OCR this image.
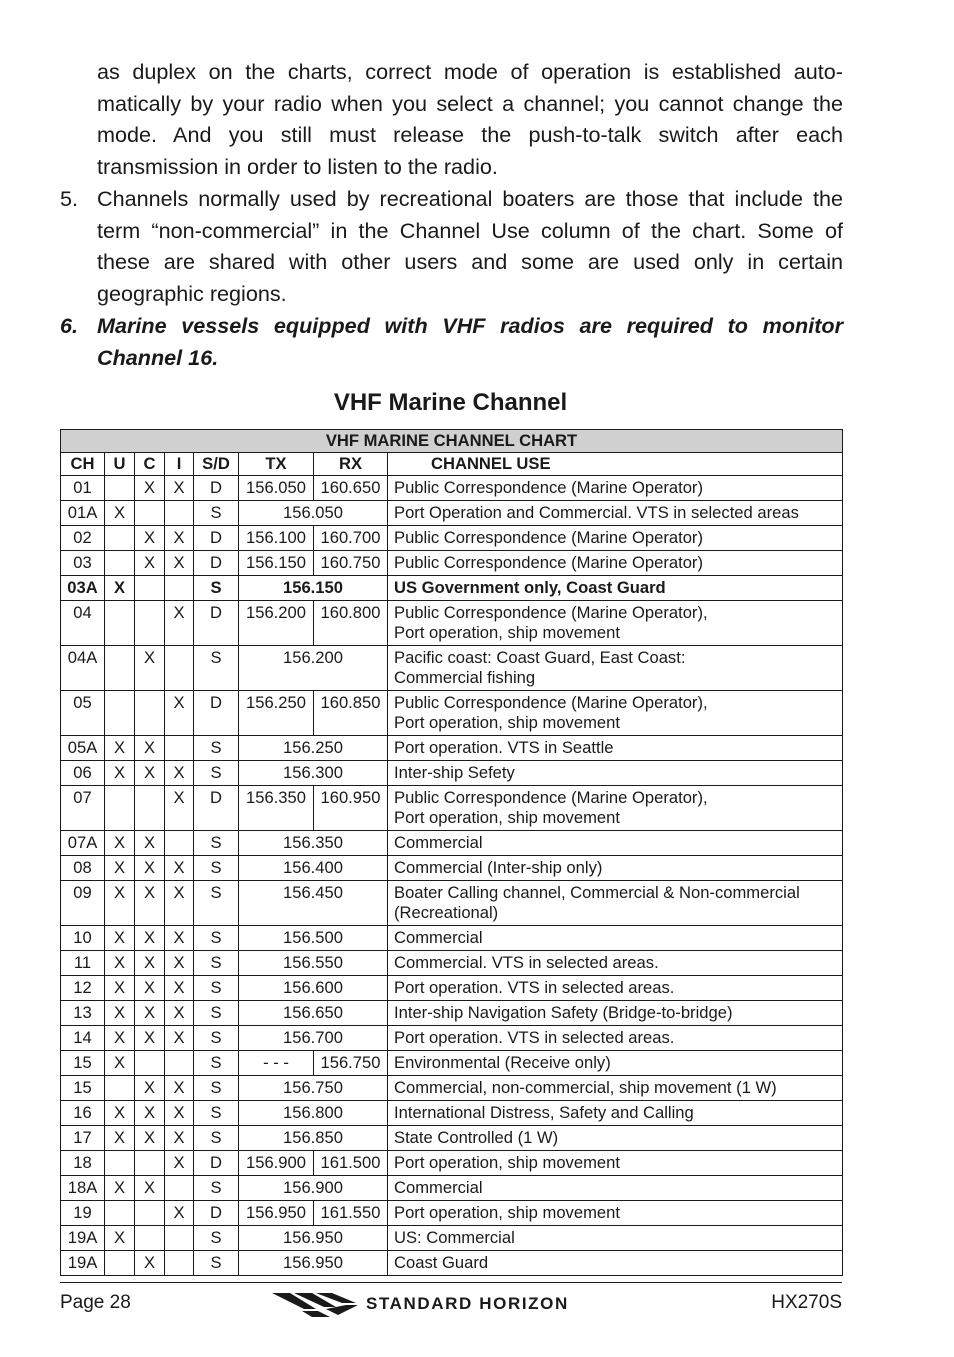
as duplex on the charts, correct mode of operation is established auto-matically by your radio when you select a channel; you cannot change the mode. And you still must release the push-to-talk switch after each transmission in order to listen to the radio.
5. Channels normally used by recreational boaters are those that include the term “non-commercial” in the Channel Use column of the chart. Some of these are shared with other users and some are used only in certain geographic regions.
6. Marine vessels equipped with VHF radios are required to monitor Channel 16.
VHF Marine Channel
VHF MARINE CHANNEL CHART							
CH	U	C	I	S/D	TX	RX	CHANNEL USE
01		X	X	D	156.050	160.650	Public Correspondence (Marine Operator)

01A	X			S	156.050		Port Operation and Commercial. VTS in selected areas

02		X	X	D	156.100	160.700	Public Correspondence (Marine Operator)

03		X	X	D	156.150	160.750	Public Correspondence (Marine Operator)

03A	X			S	156.150		US Government only, Coast Guard

04			X	D	156.200	160.800	Public Correspondence (Marine Operator),
Port operation, ship movement

04A		X		S	156.200		Pacific coast: Coast Guard, East Coast:
Commercial fishing

05			X	D	156.250	160.850	Public Correspondence (Marine Operator),
Port operation, ship movement

05A	X	X		S	156.250		Port operation. VTS in Seattle

06	X	X	X	S	156.300		Inter-ship Sefety

07			X	D	156.350	160.950	Public Correspondence (Marine Operator),
Port operation, ship movement

07A	X	X		S	156.350		Commercial

08	X	X	X	S	156.400		Commercial (Inter-ship only)

09	X	X	X	S	156.450		Boater Calling channel, Commercial & Non-commercial
(Recreational)

10	X	X	X	S	156.500		Commercial

11	X	X	X	S	156.550		Commercial. VTS in selected areas.

12	X	X	X	S	156.600		Port operation. VTS in selected areas.

13	X	X	X	S	156.650		Inter-ship Navigation Safety (Bridge-to-bridge)

14	X	X	X	S	156.700		Port operation. VTS in selected areas.

15	X			S	- - -	156.750	Environmental (Receive only)

15		X	X	S	156.750		Commercial, non-commercial, ship movement (1 W)

16	X	X	X	S	156.800		International Distress, Safety and Calling

17	X	X	X	S	156.850		State Controlled (1 W)

18			X	D	156.900	161.500	Port operation, ship movement

18A	X	X		S	156.900		Commercial

19			X	D	156.950	161.550	Port operation, ship movement

19A	X			S	156.950		US: Commercial

19A		X		S	156.950		Coast Guard
Page 28	STANDARD HORIZON	HX270S
